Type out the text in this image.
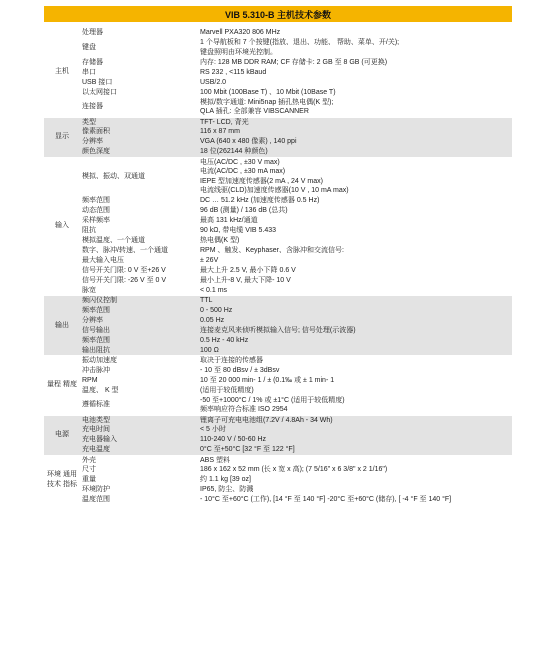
VIB 5.310-B 主机技术参数
主机	处理器	Marvell PXA320 806 MHz
	键盘	1 个导航板和 7 个按键(指放、退出、功能、 帮助、菜单、开/关);
键盘照明由环境光控制。
	存储器	内存: 128 MB DDR RAM; CF 存储卡: 2 GB 至 8 GB (可更换)
	串口	RS 232 , <115 kBaud
	USB 接口	USB/2.0
	以太网接口	100 Mbit (100Base T) 、10 Mbit (10Base T)
	连接器	模拟/数字通道: Mini5nap 插孔热电偶(K 型);
QLA 插孔: 全部兼容 VIBSCANNER
显示	类型	TFT- LCD, 背光
	像素面积	116 x 87 mm
	分辨率	VGA (640 x 480 像素) , 140 ppi
	颜色深度	18 位(262144 种颜色)
输入	模拟、振动、双通道	电压(AC/DC , ±30 V max)
电流(AC/DC , ±30 mA max)
IEPE 型加速度传感器(2 mA , 24 V max)
电流线驱(CLD)加速度传感器(10 V , 10 mA max)
	频率范围	DC … 51.2 kHz (加速度传感器 0.5 Hz)
	动态范围	96 dB (测量) / 136 dB (总共)
	采样频率	最高 131 kHz/通道
	阻抗	90 kΩ, 带电缆 VIB 5.433
	模拟温度、一个通道	热电偶(K 型)
	数字、脉冲/转速、一个通道	RPM 、触发、Keyphaser、含脉冲和交流信号:
	最大输入电压	± 26V
	信号开关门限: 0 V 至+26 V	最大上升 2.5 V, 最小下降 0.6 V
	信号开关门限: -26 V 至 0 V	最小上升-8 V, 最大下降- 10 V
	脉宽	< 0.1 ms
输出	频闪仪控制	TTL
	频率范围	0 - 500 Hz
	分辨率	0.05 Hz
	信号输出	连接麦克风来侦听模拟输入信号; 信号处理(示波器)
	频率范围	0.5 Hz - 40 kHz
	输出阻抗	100 Ω
量程 精度	振动加速度	取决于连接的传感器
	冲击脉冲	- 10 至 80 dBsv / ± 3dBsv
	RPM	10 至 20 000 min- 1 / ± (0.1‰ 或 ± 1 min- 1
	温度、 K 型	(适用于较低精度)
	遵循标准	-50 至+1000°C / 1% 或 ±1°C (适用于较低精度)
频率响应符合标准 ISO 2954
电源	电池类型	锂离子可充电电池组(7.2V / 4.8Ah - 34 Wh)
	充电时间	< 5 小时
	充电器输入	110-240 V / 50-60 Hz
	充电温度	0°C 至+50°C [32 °F 至 122 °F]
环境 通用 技术 指标	外壳	ABS 塑料
	尺寸	186 x 162 x 52 mm (长 x 宽 x 高); (7 5/16" x 6 3/8" x 2 1/16")
	重量	约 1.1 kg [39 oz]
	环境防护	IP65, 防尘、防溅
	温度范围	- 10°C 至+60°C (工作), [14 °F 至 140 °F] -20°C 至+60°C (储存), [ -4 °F 至 140 °F]
